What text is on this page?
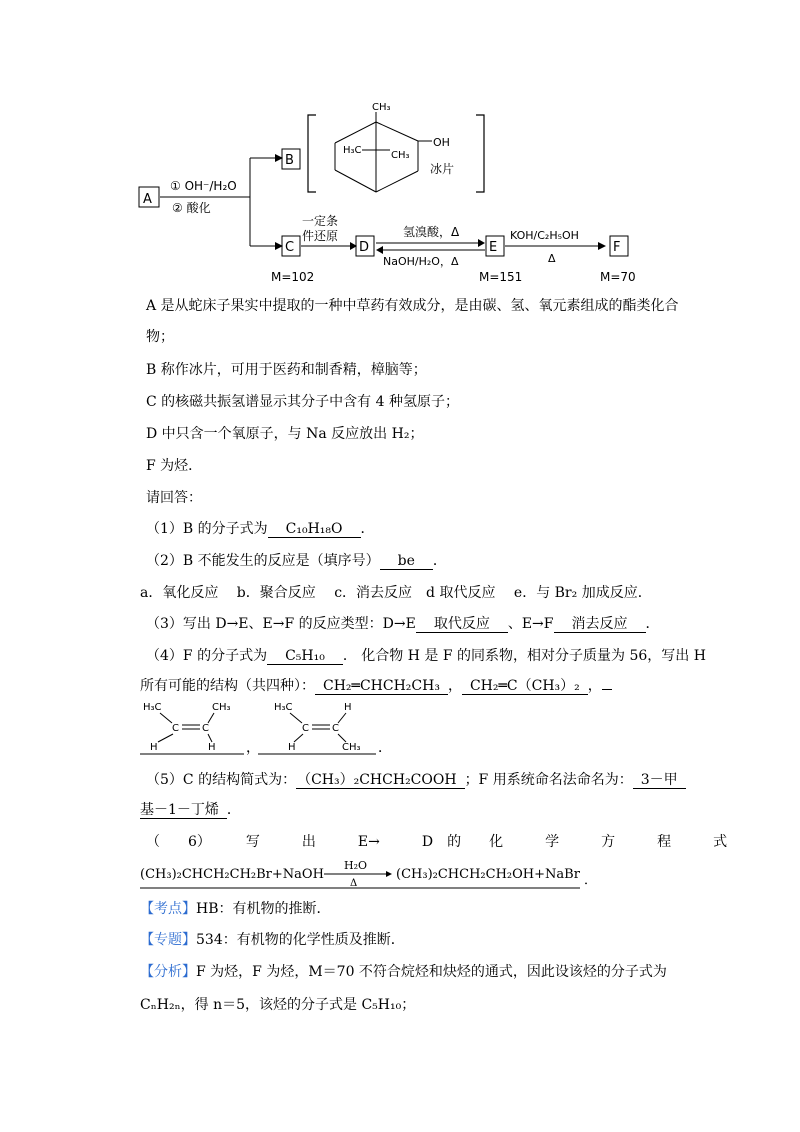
A
① OH⁻/H₂O
② 酸化
B
CH₃
H₃C	CH₃
OH
冰片
C
M=102
一定条
件还原
D
氢溴酸，Δ
NaOH/H₂O，Δ
E
M=151
KOH/C₂H₅OH
Δ
F
M=70
A 是从蛇床子果实中提取的一种中草药有效成分，是由碳、氢、氧元素组成的酯类化合
物；
B 称作冰片，可用于医药和制香精，樟脑等；
C 的核磁共振氢谱显示其分子中含有 4 种氢原子；
D 中只含一个氧原子，与 Na 反应放出 H₂；
F 为烃．
请回答：
（1）B 的分子式为 C₁₀H₁₈O ．
（2）B 不能发生的反应是（填序号） be ．
a．氧化反应　 b．聚合反应　 c．消去反应　d 取代反应　 e．与 Br₂ 加成反应．
（3）写出 D→E、E→F 的反应类型：D→E 取代反应 、E→F 消去反应 ．
（4）F 的分子式为 C₅H₁₀ ． 化合物 H 是 F 的同系物，相对分子质量为 56，写出 H
所有可能的结构（共四种）： CH₂═CHCH₂CH₃ ， CH₂═C（CH₃）₂ ，
H₃C	CH₃
C C
H	H ，
H₃C	H
C C
H	CH₃ ．
（5）C 的结构简式为： （CH₃）₂CHCH₂COOH ；F 用系统命名法命名为： 3－甲
基－1－丁烯 ．
（　　6）　　　写　　　出　　　E→　　　D　的　　化　　　学　　　方　　　程　　　式
(CH₃)₂CHCH₂CH₂Br+NaOH
H₂O
Δ
(CH₃)₂CHCH₂CH₂OH+NaBr ．
【考点】HB：有机物的推断．
【专题】534：有机物的化学性质及推断．
【分析】F 为烃，F 为烃，M＝70 不符合烷烃和炔烃的通式，因此设该烃的分子式为
CₙH₂ₙ，得 n＝5，该烃的分子式是 C₅H₁₀；
